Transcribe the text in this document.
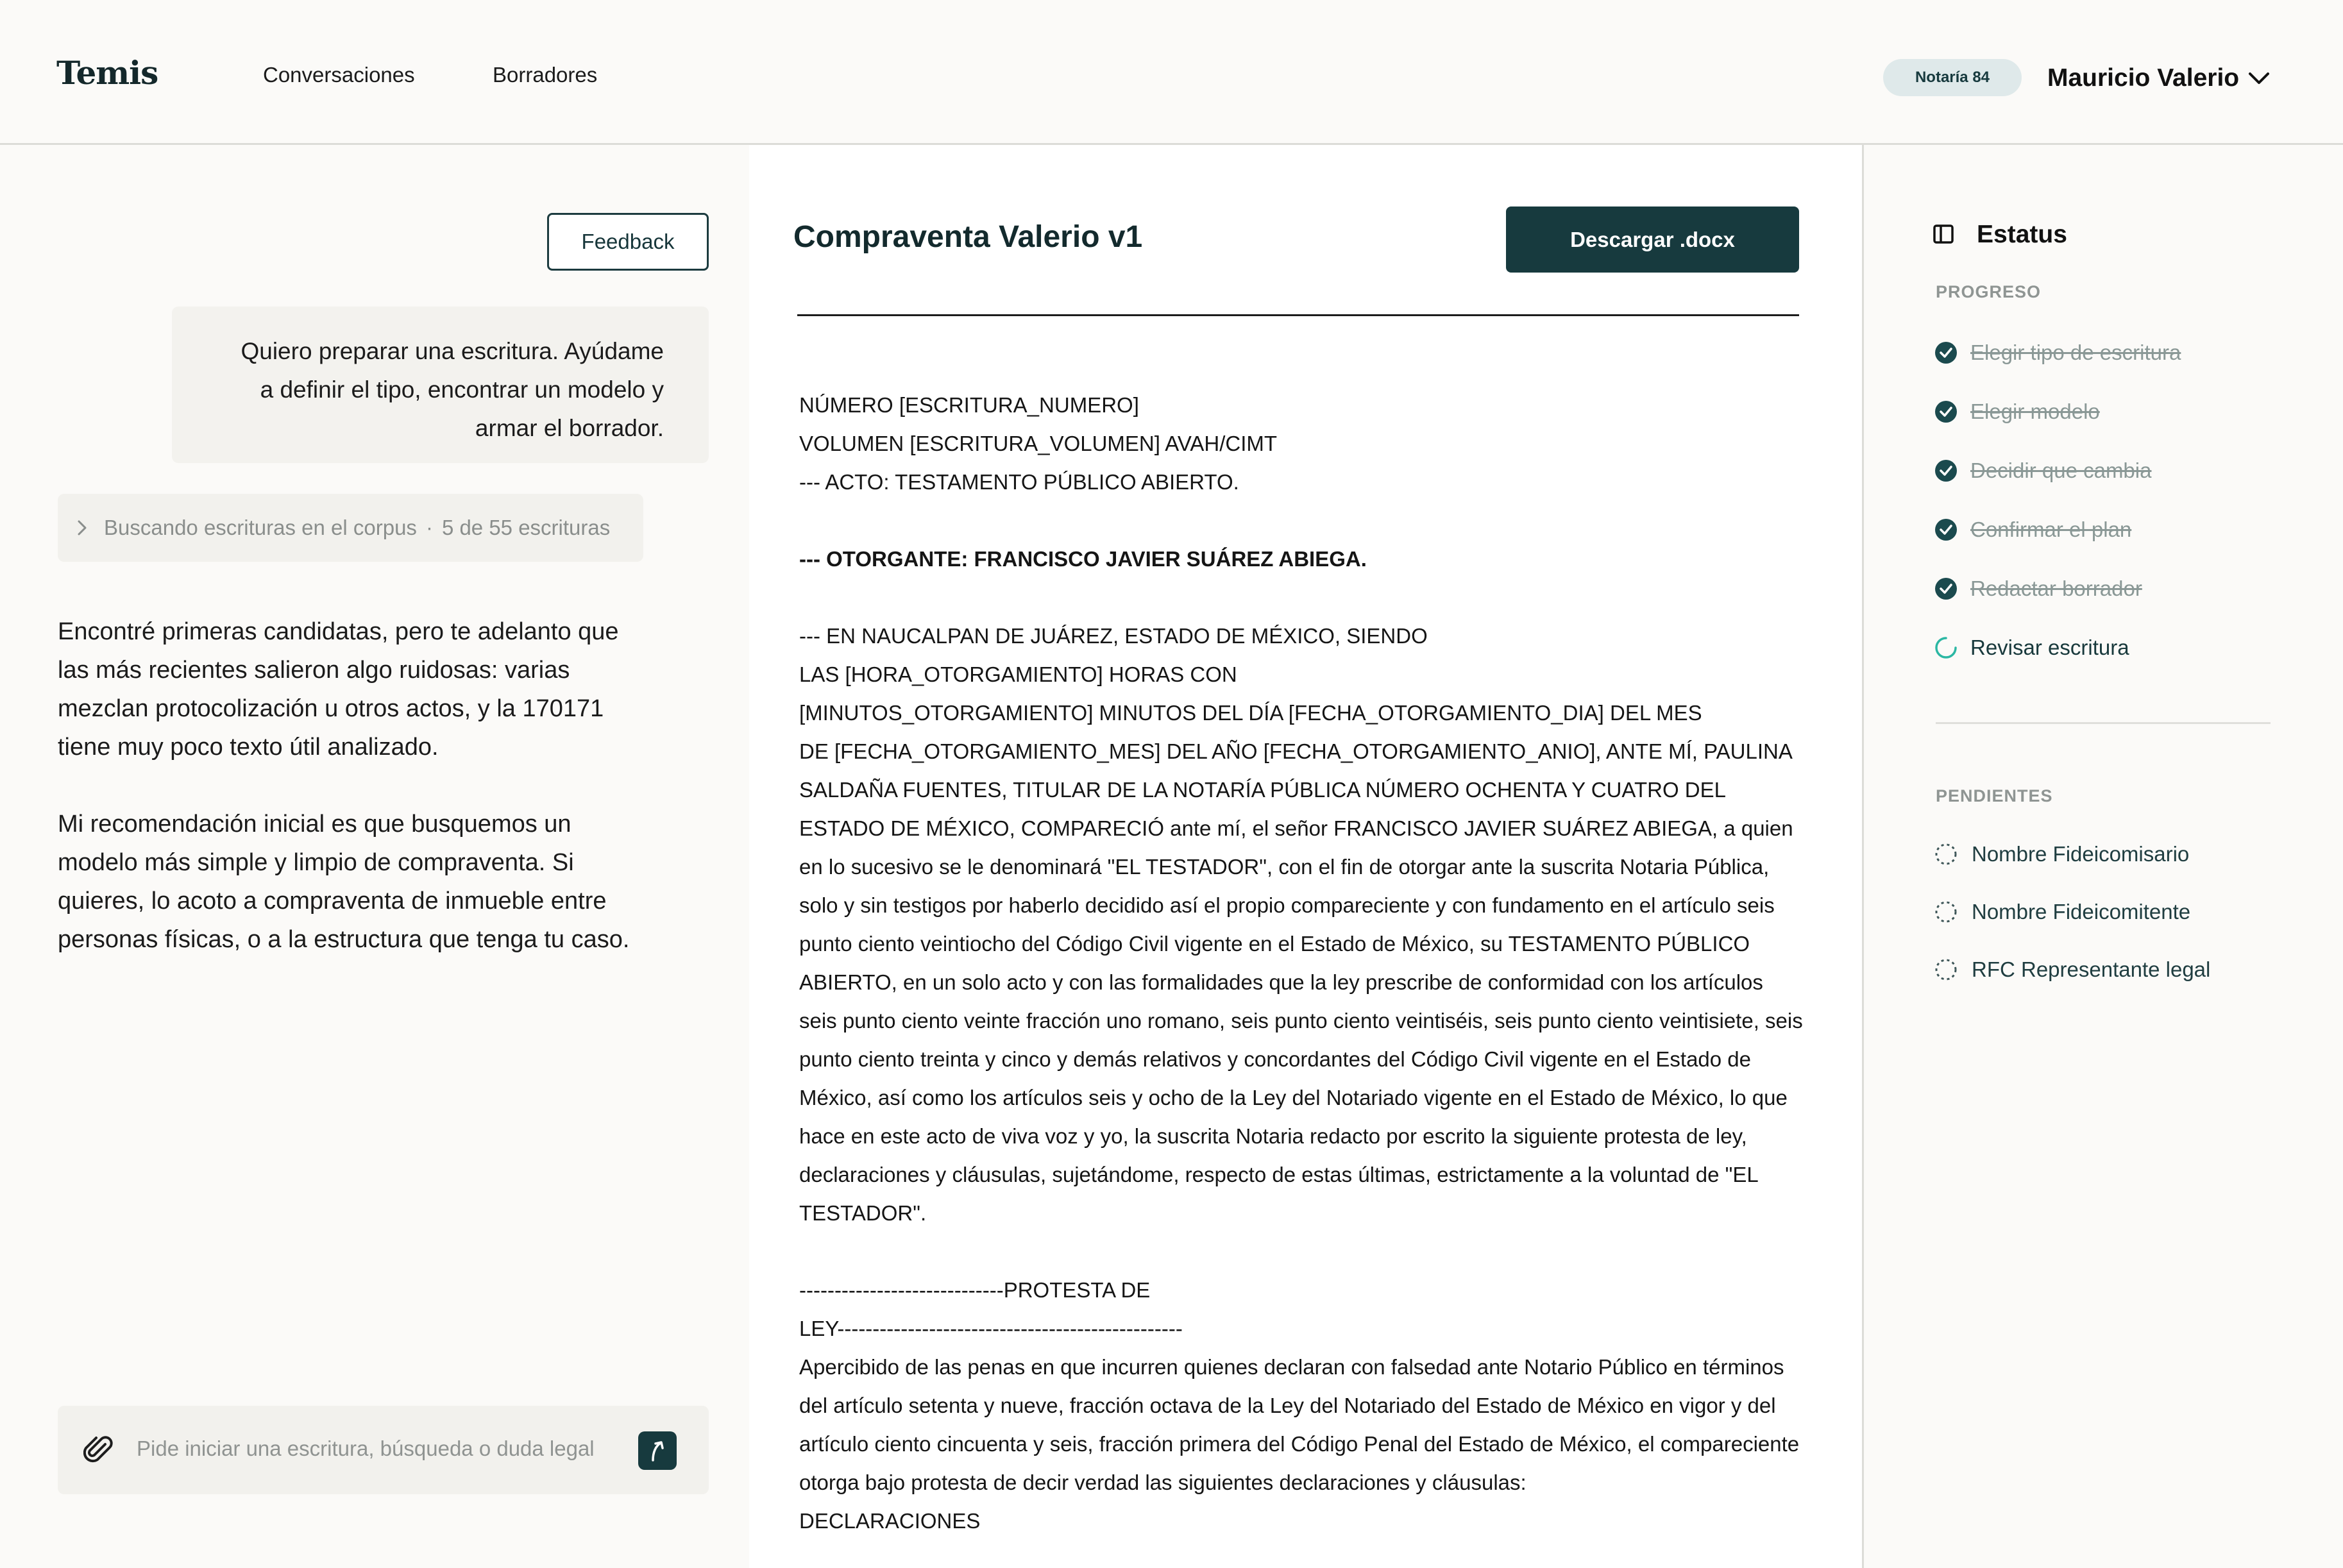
Temis	Conversaciones	Borradores	Notaría 84	Mauricio Valerio
Feedback
Quiero preparar una escritura. Ayúdame
a definir el tipo, encontrar un modelo y
armar el borrador.
Buscando escrituras en el corpus · 5 de 55 escrituras

Encontré primeras candidatas, pero te adelanto que
las más recientes salieron algo ruidosas: varias
mezclan protocolización u otros actos, y la 170171
tiene muy poco texto útil analizado.

Mi recomendación inicial es que busquemos un
modelo más simple y limpio de compraventa. Si
quieres, lo acoto a compraventa de inmueble entre
personas físicas, o a la estructura que tenga tu caso.

Pide iniciar una escritura, búsqueda o duda legal
Compraventa Valerio v1	Descargar .docx
NÚMERO [ESCRITURA_NUMERO]
VOLUMEN [ESCRITURA_VOLUMEN] AVAH/CIMT
--- ACTO: TESTAMENTO PÚBLICO ABIERTO.
--- OTORGANTE: FRANCISCO JAVIER SUÁREZ ABIEGA.
--- EN NAUCALPAN DE JUÁREZ, ESTADO DE MÉXICO, SIENDO
LAS [HORA_OTORGAMIENTO] HORAS CON
[MINUTOS_OTORGAMIENTO] MINUTOS DEL DÍA [FECHA_OTORGAMIENTO_DIA] DEL MES
DE [FECHA_OTORGAMIENTO_MES] DEL AÑO [FECHA_OTORGAMIENTO_ANIO], ANTE MÍ, PAULINA
SALDAÑA FUENTES, TITULAR DE LA NOTARÍA PÚBLICA NÚMERO OCHENTA Y CUATRO DEL
ESTADO DE MÉXICO, COMPARECIÓ ante mí, el señor FRANCISCO JAVIER SUÁREZ ABIEGA, a quien
en lo sucesivo se le denominará "EL TESTADOR", con el fin de otorgar ante la suscrita Notaria Pública,
solo y sin testigos por haberlo decidido así el propio compareciente y con fundamento en el artículo seis
punto ciento veintiocho del Código Civil vigente en el Estado de México, su TESTAMENTO PÚBLICO
ABIERTO, en un solo acto y con las formalidades que la ley prescribe de conformidad con los artículos
seis punto ciento veinte fracción uno romano, seis punto ciento veintiséis, seis punto ciento veintisiete, seis
punto ciento treinta y cinco y demás relativos y concordantes del Código Civil vigente en el Estado de
México, así como los artículos seis y ocho de la Ley del Notariado vigente en el Estado de México, lo que
hace en este acto de viva voz y yo, la suscrita Notaria redacto por escrito la siguiente protesta de ley,
declaraciones y cláusulas, sujetándome, respecto de estas últimas, estrictamente a la voluntad de "EL
TESTADOR".
-----------------------------PROTESTA DE
LEY-------------------------------------------------
Apercibido de las penas en que incurren quienes declaran con falsedad ante Notario Público en términos
del artículo setenta y nueve, fracción octava de la Ley del Notariado del Estado de México en vigor y del
artículo ciento cincuenta y seis, fracción primera del Código Penal del Estado de México, el compareciente
otorga bajo protesta de decir verdad las siguientes declaraciones y cláusulas:
DECLARACIONES
Estatus
PROGRESO
Elegir tipo de escritura
Elegir modelo
Decidir que cambia
Confirmar el plan
Redactar borrador
Revisar escritura
PENDIENTES
Nombre Fideicomisario
Nombre Fideicomitente
RFC Representante legal
